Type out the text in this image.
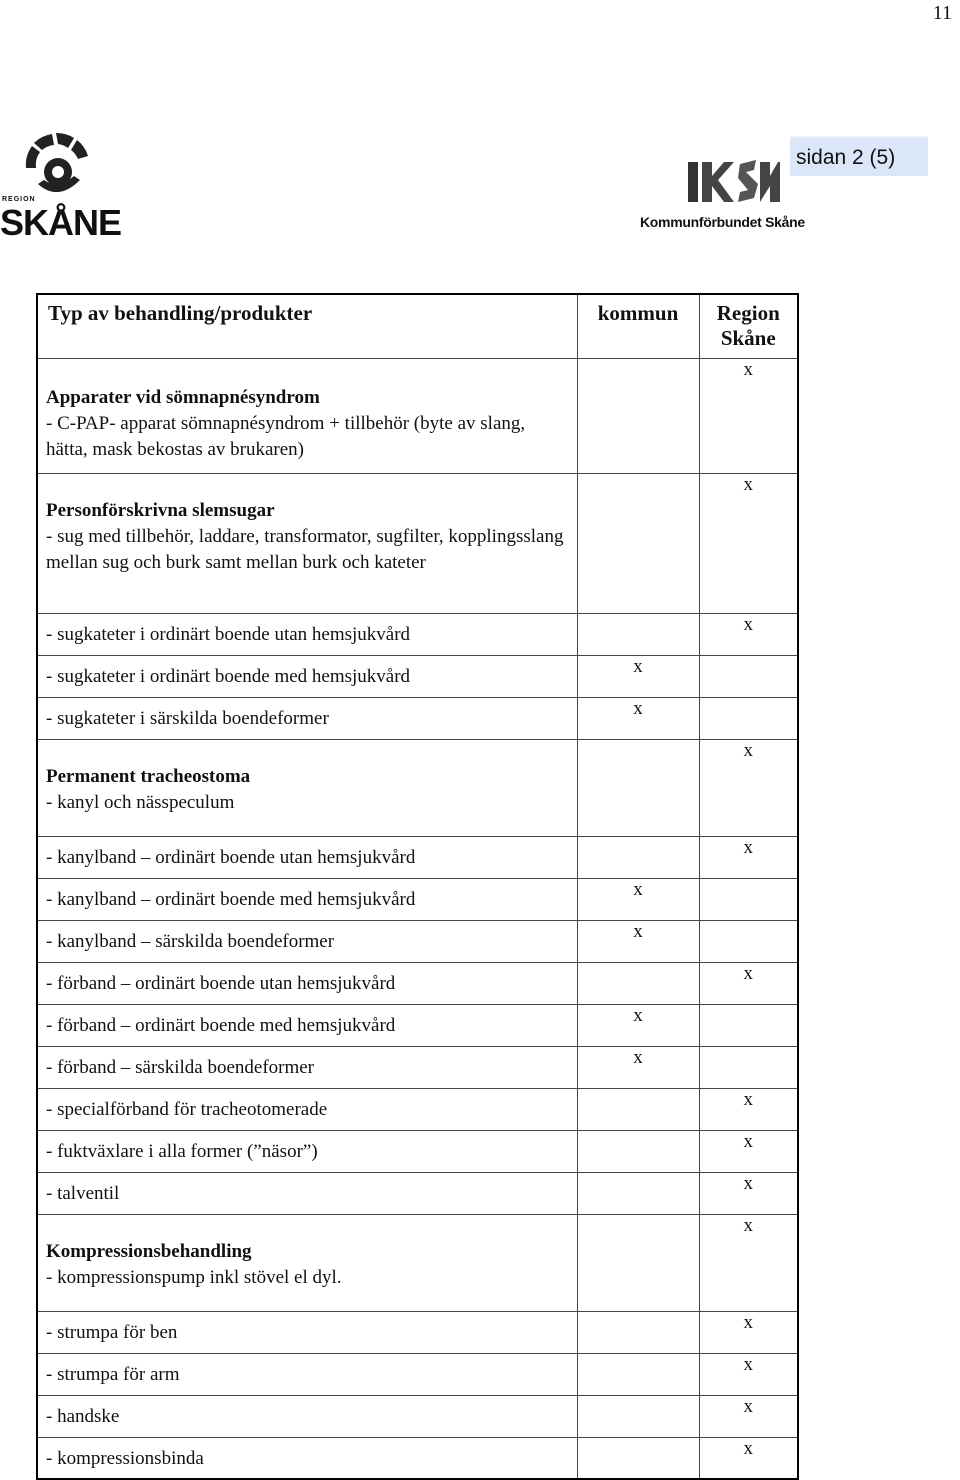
11
REGION
SKÅNE	Kommunförbundet Skåne
sidan 2 (5)
Typ av behandling/produkter	kommun	Region Skåne

Apparater vid sömnapnésyndrom
- C-PAP- apparat sömnapnésyndrom + tillbehör (byte av slang, hätta, mask bekostas av brukaren)		x

Personförskrivna slemsugar
- sug med tillbehör, laddare, transformator, sugfilter, kopplingsslang mellan sug och burk samt mellan burk och kateter		x
- sugkateter i ordinärt boende utan hemsjukvård		x
- sugkateter i ordinärt boende med hemsjukvård	x	
- sugkateter i särskilda boendeformer	x	

Permanent tracheostoma
- kanyl och nässpeculum		x
- kanylband – ordinärt boende utan hemsjukvård		x
- kanylband – ordinärt boende med hemsjukvård	x	
- kanylband – särskilda boendeformer	x	
- förband – ordinärt boende utan hemsjukvård		x
- förband – ordinärt boende med hemsjukvård	x	
- förband – särskilda boendeformer	x	
- specialförband för tracheotomerade		x
- fuktväxlare i alla former (”näsor”)		x
- talventil		x

Kompressionsbehandling
- kompressionspump inkl stövel el dyl.		x
- strumpa för ben		x
- strumpa för arm		x
- handske		x
- kompressionsbinda		x
